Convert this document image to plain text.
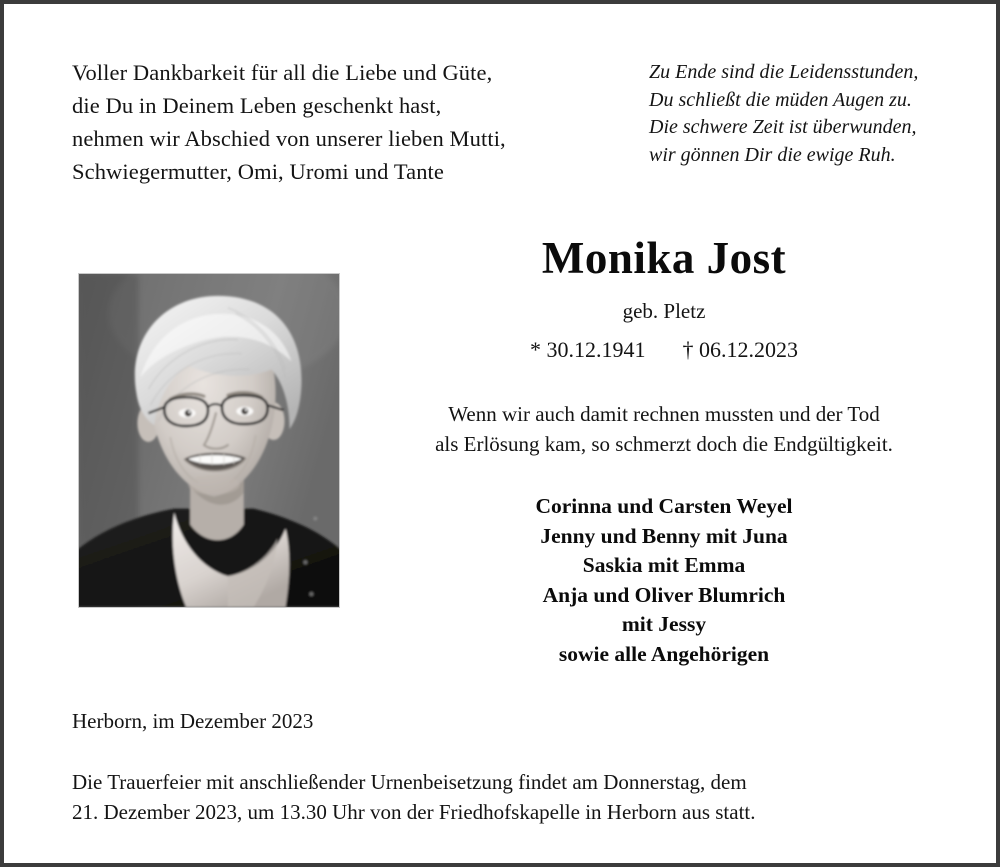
Voller Dankbarkeit für all die Liebe und Güte,
die Du in Deinem Leben geschenkt hast,
nehmen wir Abschied von unserer lieben Mutti,
Schwiegermutter, Omi, Uromi und Tante
Zu Ende sind die Leidensstunden,
Du schließt die müden Augen zu.
Die schwere Zeit ist überwunden,
wir gönnen Dir die ewige Ruh.
Monika Jost
geb. Pletz
* 30.12.1941 † 06.12.2023
Wenn wir auch damit rechnen mussten und der Tod
als Erlösung kam, so schmerzt doch die Endgültigkeit.
Corinna und Carsten Weyel
Jenny und Benny mit Juna
Saskia mit Emma
Anja und Oliver Blumrich
mit Jessy
sowie alle Angehörigen
Herborn, im Dezember 2023
Die Trauerfeier mit anschließender Urnenbeisetzung findet am Donnerstag, dem
21. Dezember 2023, um 13.30 Uhr von der Friedhofskapelle in Herborn aus statt.
